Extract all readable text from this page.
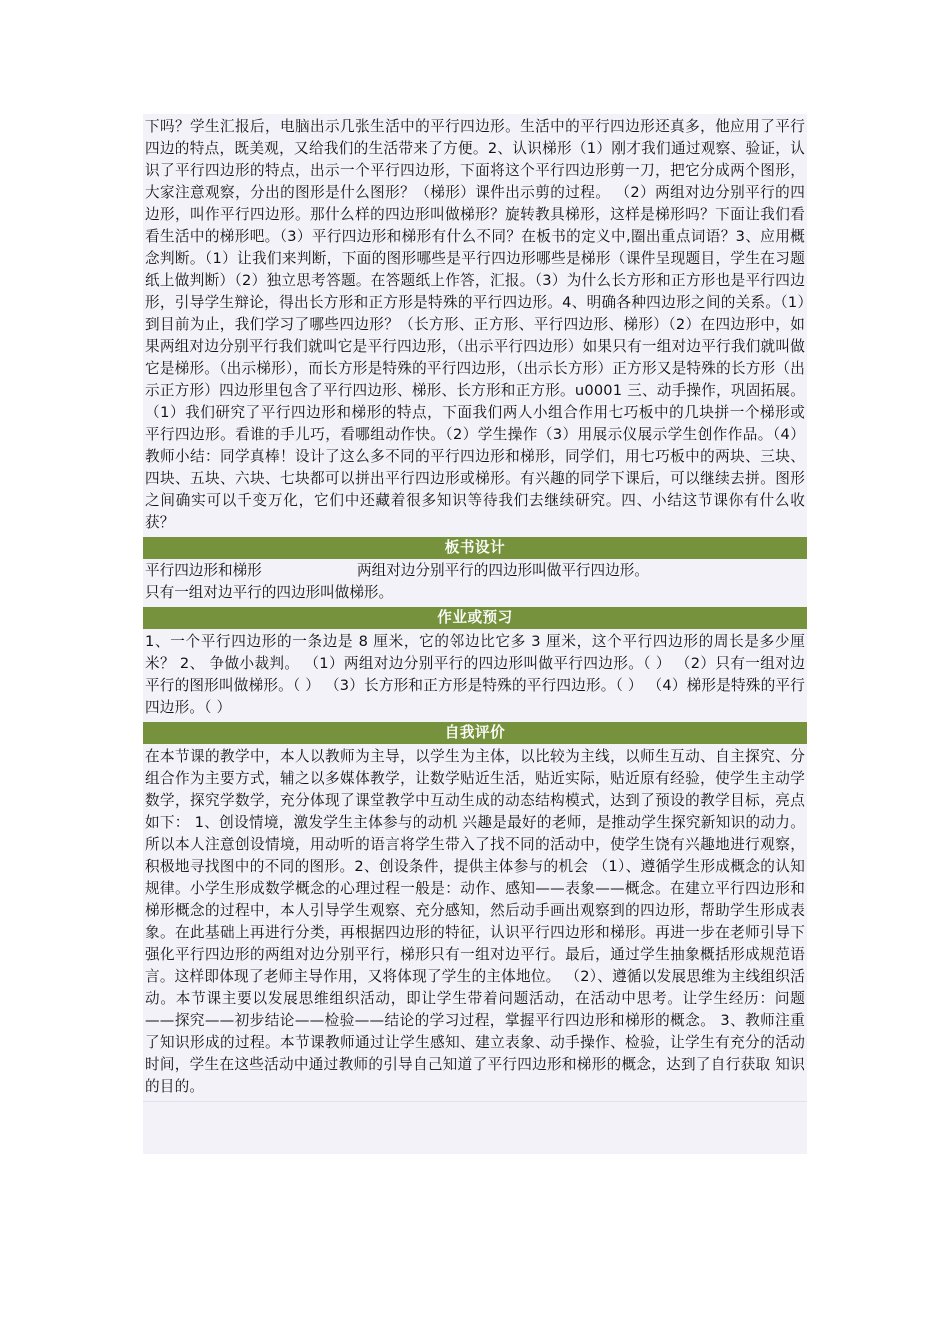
下吗？学生汇报后，电脑出示几张生活中的平行四边形。生活中的平行四边形还真多，他应用了平行四边的特点，既美观，又给我们的生活带来了方便。2、认识梯形（1）刚才我们通过观察、验证，认识了平行四边形的特点，出示一个平行四边形，下面将这个平行四边形剪一刀，把它分成两个图形，大家注意观察，分出的图形是什么图形？（梯形）课件出示剪的过程。 （2）两组对边分别平行的四边形，叫作平行四边形。那什么样的四边形叫做梯形？旋转教具梯形，这样是梯形吗？下面让我们看看生活中的梯形吧。（3）平行四边形和梯形有什么不同？在板书的定义中,圈出重点词语？3、应用概念判断。（1）让我们来判断，下面的图形哪些是平行四边形哪些是梯形（课件呈现题目，学生在习题纸上做判断）（2）独立思考答题。在答题纸上作答，汇报。（3）为什么长方形和正方形也是平行四边形，引导学生辩论，得出长方形和正方形是特殊的平行四边形。4、明确各种四边形之间的关系。（1）到目前为止，我们学习了哪些四边形？（长方形、正方形、平行四边形、梯形）（2）在四边形中，如果两组对边分别平行我们就叫它是平行四边形，（出示平行四边形）如果只有一组对边平行我们就叫做它是梯形。（出示梯形），而长方形是特殊的平行四边形，（出示长方形）正方形又是特殊的长方形（出示正方形）四边形里包含了平行四边形、梯形、长方形和正方形。u0001 三、动手操作，巩固拓展。（1）我们研究了平行四边形和梯形的特点，下面我们两人小组合作用七巧板中的几块拼一个梯形或平行四边形。看谁的手儿巧，看哪组动作快。（2）学生操作（3）用展示仪展示学生创作作品。（4）教师小结：同学真棒！设计了这么多不同的平行四边形和梯形，同学们，用七巧板中的两块、三块、四块、五块、六块、七块都可以拼出平行四边形或梯形。有兴趣的同学下课后，可以继续去拼。图形之间确实可以千变万化，它们中还藏着很多知识等待我们去继续研究。四、小结这节课你有什么收获？
板书设计
平行四边形和梯形	两组对边分别平行的四边形叫做平行四边形。
只有一组对边平行的四边形叫做梯形。
作业或预习
1、一个平行四边形的一条边是 8 厘米，它的邻边比它多 3 厘米，这个平行四边形的周长是多少厘米？ 2、 争做小裁判。 （1）两组对边分别平行的四边形叫做平行四边形。（ ） （2）只有一组对边平行的图形叫做梯形。（ ） （3）长方形和正方形是特殊的平行四边形。（ ） （4）梯形是特殊的平行四边形。（ ）
自我评价
在本节课的教学中，本人以教师为主导，以学生为主体，以比较为主线，以师生互动、自主探究、分组合作为主要方式，辅之以多媒体教学，让数学贴近生活，贴近实际，贴近原有经验，使学生主动学数学，探究学数学，充分体现了课堂教学中互动生成的动态结构模式，达到了预设的教学目标，亮点如下： 1、创设情境，激发学生主体参与的动机 兴趣是最好的老师，是推动学生探究新知识的动力。所以本人注意创设情境，用动听的语言将学生带入了找不同的活动中，使学生饶有兴趣地进行观察，积极地寻找图中的不同的图形。2、创设条件，提供主体参与的机会 （1）、遵循学生形成概念的认知规律。小学生形成数学概念的心理过程一般是：动作、感知——表象——概念。在建立平行四边形和梯形概念的过程中，本人引导学生观察、充分感知，然后动手画出观察到的四边形，帮助学生形成表象。在此基础上再进行分类，再根据四边形的特征，认识平行四边形和梯形。再进一步在老师引导下强化平行四边形的两组对边分别平行，梯形只有一组对边平行。最后，通过学生抽象概括形成规范语言。这样即体现了老师主导作用，又将体现了学生的主体地位。 （2）、遵循以发展思维为主线组织活动。本节课主要以发展思维组织活动，即让学生带着问题活动，在活动中思考。让学生经历：问题——探究——初步结论——检验——结论的学习过程，掌握平行四边形和梯形的概念。 3、教师注重了知识形成的过程。本节课教师通过让学生感知、建立表象、动手操作、检验，让学生有充分的活动时间，学生在这些活动中通过教师的引导自己知道了平行四边形和梯形的概念，达到了自行获取 知识的目的。
